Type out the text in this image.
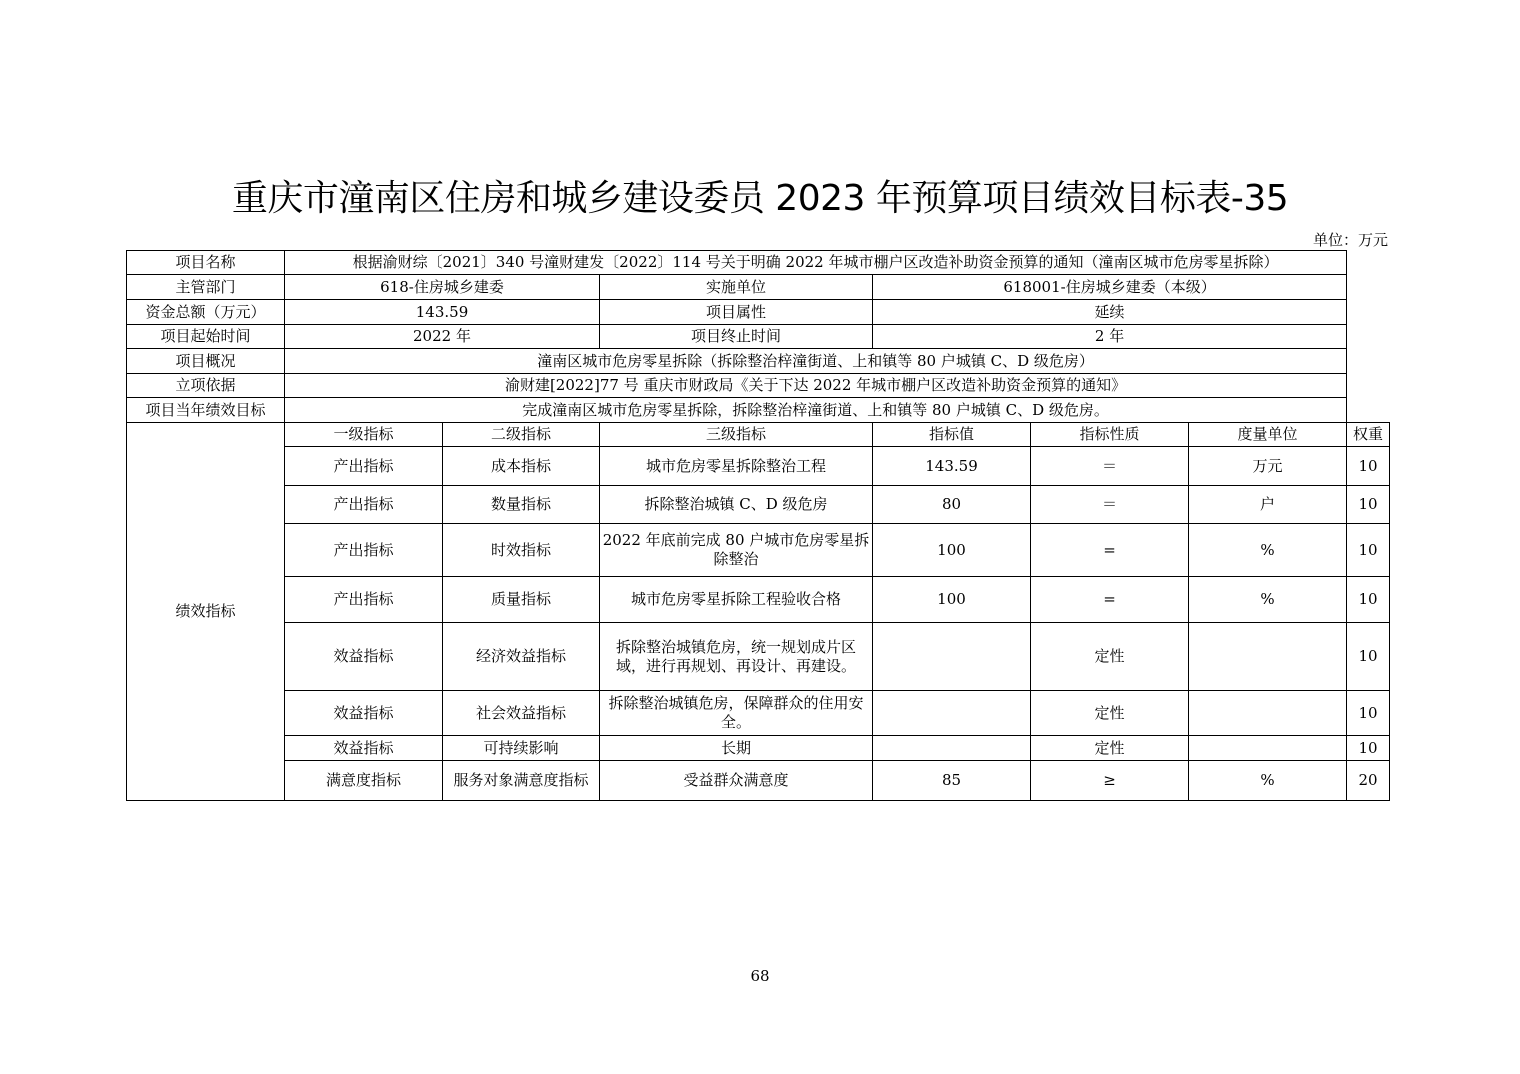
重庆市潼南区住房和城乡建设委员 2023 年预算项目绩效目标表-35
单位：万元
项目名称	根据渝财综〔2021〕340 号潼财建发〔2022〕114 号关于明确 2022 年城市棚户区改造补助资金预算的通知（潼南区城市危房零星拆除）						
主管部门	618-住房城乡建委		实施单位	618001-住房城乡建委（本级）			
资金总额（万元）	143.59		项目属性	延续			
项目起始时间	2022 年		项目终止时间	2 年			
项目概况	潼南区城市危房零星拆除（拆除整治梓潼街道、上和镇等 80 户城镇 C、D 级危房）						
立项依据	渝财建[2022]77 号 重庆市财政局《关于下达 2022 年城市棚户区改造补助资金预算的通知》						
项目当年绩效目标	完成潼南区城市危房零星拆除，拆除整治梓潼街道、上和镇等 80 户城镇 C、D 级危房。						
绩效指标	一级指标	二级指标	三级指标	指标值	指标性质	度量单位	权重
	产出指标	成本指标	城市危房零星拆除整治工程	143.59	＝	万元	10
	产出指标	数量指标	拆除整治城镇 C、D 级危房	80	＝	户	10
	产出指标	时效指标	2022 年底前完成 80 户城市危房零星拆除整治	100	=	%	10
	产出指标	质量指标	城市危房零星拆除工程验收合格	100	=	%	10
	效益指标	经济效益指标	拆除整治城镇危房，统一规划成片区域，进行再规划、再设计、再建设。		定性		10
	效益指标	社会效益指标	拆除整治城镇危房，保障群众的住用安全。		定性		10
	效益指标	可持续影响	长期		定性		10
	满意度指标	服务对象满意度指标	受益群众满意度	85	≥	%	20
68
